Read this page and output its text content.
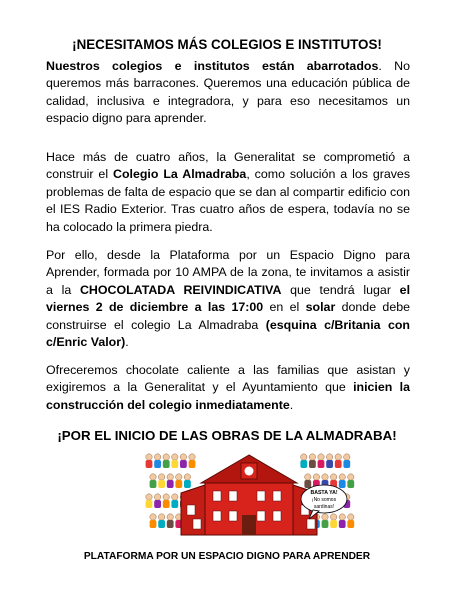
¡NECESITAMOS MÁS COLEGIOS E INSTITUTOS!

Nuestros colegios e institutos están abarrotados. No queremos más barracones. Queremos una educación pública de calidad, inclusiva e integradora, y para eso necesitamos un espacio digno para aprender.

Hace más de cuatro años, la Generalitat se comprometió a construir el Colegio La Almadraba, como solución a los graves problemas de falta de espacio que se dan al compartir edificio con el IES Radio Exterior. Tras cuatro años de espera, todavía no se ha colocado la primera piedra.

Por ello, desde la Plataforma por un Espacio Digno para Aprender, formada por 10 AMPA de la zona, te invitamos a asistir a la CHOCOLATADA REIVINDICATIVA que tendrá lugar el viernes 2 de diciembre a las 17:00 en el solar donde debe construirse el colegio La Almadraba (esquina c/Britania con c/Enric Valor).

Ofreceremos chocolate caliente a las familias que asistan y exigiremos a la Generalitat y el Ayuntamiento que inicien la construcción del colegio inmediatamente.

¡POR EL INICIO DE LAS OBRAS DE LA ALMADRABA!
BASTA YA!
¡No somos
sardinas!
PLATAFORMA POR UN ESPACIO DIGNO PARA APRENDER
